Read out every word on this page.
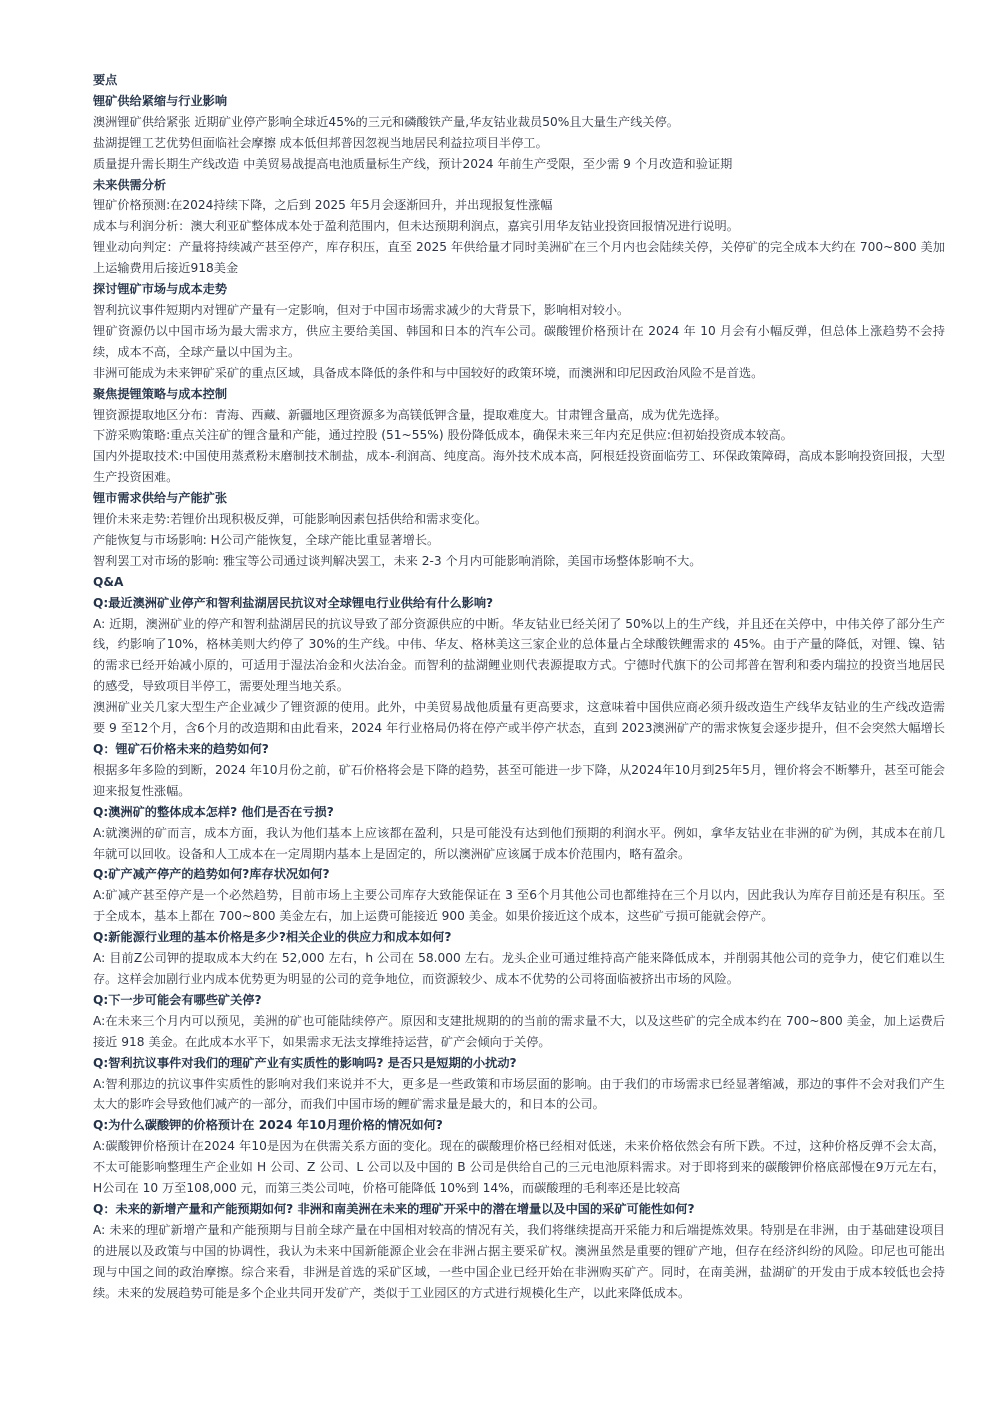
要点

锂矿供给紧缩与行业影响

澳洲锂矿供给紧张 近期矿业停产影响全球近45%的三元和磷酸铁产量,华友钴业裁员50%且大量生产线关停。

盐湖提锂工艺优势但面临社会摩擦 成本低但邦普因忽视当地居民利益拉项目半停工。

质量提升需长期生产线改造 中美贸易战提高电池质量标生产线，预计2024 年前生产受限，至少需 9 个月改造和验证期

未来供需分析

锂矿价格预测:在2024持续下降，之后到 2025 年5月会逐渐回升，并出现报复性涨幅

成本与利润分析：澳大利亚矿整体成本处于盈利范围内，但未达预期利润点，嘉宾引用华友钴业投资回报情况进行说明。

锂业动向判定：产量将持续减产甚至停产，库存积压，直至 2025 年供给量才同时美洲矿在三个月内也会陆续关停，关停矿的完全成本大约在 700~800 美加上运输费用后接近918美金

探讨锂矿市场与成本走势

智利抗议事件短期内对锂矿产量有一定影响，但对于中国市场需求减少的大背景下，影响相对较小。

锂矿资源仍以中国市场为最大需求方，供应主要给美国、韩国和日本的汽车公司。碳酸锂价格预计在 2024 年 10 月会有小幅反弹，但总体上涨趋势不会持续，成本不高，全球产量以中国为主。

非洲可能成为未来钾矿采矿的重点区域，具备成本降低的条件和与中国较好的政策环境，而澳洲和印尼因政治风险不是首选。

聚焦提锂策略与成本控制

锂资源提取地区分布：青海、西藏、新疆地区理资源多为高镁低钾含量，提取难度大。甘肃锂含量高，成为优先选择。

下游采购策略:重点关注矿的锂含量和产能，通过控股 (51~55%) 股份降低成本，确保未来三年内充足供应:但初始投资成本较高。

国内外提取技术:中国使用蒸煮粉末磨制技术制盐，成本-利润高、纯度高。海外技术成本高，阿根廷投资面临劳工、环保政策障碍，高成本影响投资回报，大型生产投资困难。

锂市需求供给与产能扩张

锂价未来走势:若锂价出现积极反弹，可能影响因素包括供给和需求变化。

产能恢复与市场影响: H公司产能恢复，全球产能比重显著增长。

智利罢工对市场的影响: 雅宝等公司通过谈判解决罢工，未来 2-3 个月内可能影响消除，美国市场整体影响不大。

Q&A

Q:最近澳洲矿业停产和智利盐湖居民抗议对全球锂电行业供给有什么影响?

A: 近期，澳洲矿业的停产和智利盐湖居民的抗议导致了部分资源供应的中断。华友钴业已经关闭了 50%以上的生产线，并且还在关停中，中伟关停了部分生产线，约影响了10%，格林美则大约停了 30%的生产线。中伟、华友、格林美这三家企业的总体量占全球酸铁鲤需求的 45%。由于产量的降低，对锂、镍、钴的需求已经开始减小原的，可适用于湿法冶金和火法冶金。而智利的盐湖鲤业则代表源提取方式。宁德时代旗下的公司邦普在智利和委内瑞拉的投资当地居民的感受，导致项目半停工，需要处理当地关系。

澳洲矿业关几家大型生产企业减少了锂资源的使用。此外，中美贸易战他质量有更高要求，这意味着中国供应商必须升级改造生产线华友钴业的生产线改造需要 9 至12个月，含6个月的改造期和由此看来，2024 年行业格局仍将在停产或半停产状态，直到 2023澳洲矿产的需求恢复会逐步提升，但不会突然大幅增长

Q：锂矿石价格未来的趋势如何?

根据多年多险的到断，2024 年10月份之前，矿石价格将会是下降的趋势，甚至可能进一步下降，从2024年10月到25年5月，锂价将会不断攀升，甚至可能会迎来报复性涨幅。

Q:澳洲矿的整体成本怎样? 他们是否在亏损?

A:就澳洲的矿而言，成本方面，我认为他们基本上应该都在盈利，只是可能没有达到他们预期的利润水平。例如，拿华友钴业在非洲的矿为例，其成本在前几年就可以回收。设备和人工成本在一定周期内基本上是固定的，所以澳洲矿应该属于成本价范围内，略有盈余。

Q:矿产减产停产的趋势如何?库存状况如何?

A:矿减产甚至停产是一个必然趋势，目前市场上主要公司库存大致能保证在 3 至6个月其他公司也都维持在三个月以内，因此我认为库存目前还是有积压。至于全成本，基本上都在 700~800 美金左右，加上运费可能接近 900 美金。如果价接近这个成本，这些矿亏损可能就会停产。

Q:新能源行业理的基本价格是多少?相关企业的供应力和成本如何?

A: 目前Z公司钾的提取成本大约在 52,000 左右，h 公司在 58.000 左右。龙头企业可通过维持高产能来降低成本，并削弱其他公司的竞争力，使它们难以生存。这样会加剧行业内成本优势更为明显的公司的竞争地位，而资源较少、成本不优势的公司将面临被挤出市场的风险。

Q:下一步可能会有哪些矿关停?

A:在未来三个月内可以预见，美洲的矿也可能陆续停产。原因和支建批规期的的当前的需求量不大，以及这些矿的完全成本约在 700~800 美金，加上运费后接近 918 美金。在此成本水平下，如果需求无法支撑维持运营，矿产会倾向于关停。

Q:智利抗议事件对我们的理矿产业有实质性的影响吗? 是否只是短期的小扰动?

A:智利那边的抗议事件实质性的影响对我们来说并不大，更多是一些政策和市场层面的影响。由于我们的市场需求已经显著缩减，那边的事件不会对我们产生太大的影咋会导致他们减产的一部分，而我们中国市场的鲤矿需求量是最大的，和日本的公司。

Q:为什么碳酸钾的价格预计在 2024 年10月理价格的情况如何?

A:碳酸钾价格预计在2024 年10是因为在供需关系方面的变化。现在的碳酸理价格已经相对低迷，未来价格依然会有所下跌。不过，这种价格反弹不会太高，不太可能影响整理生产企业如 H 公司、Z 公司、L 公司以及中国的 B 公司是供给自己的三元电池原料需求。对于即将到来的碳酸钾价格底部慢在9万元左右，H公司在 10 万至108,000 元，而第三类公司吨，价格可能降低 10%到 14%，而碳酸理的毛利率还是比较高

Q：未来的新增产量和产能预期如何? 非洲和南美洲在未来的理矿开采中的潜在增量以及中国的采矿可能性如何?

A: 未来的理矿新增产量和产能预期与目前全球产量在中国相对较高的情况有关，我们将继续提高开采能力和后端提炼效果。特别是在非洲，由于基础建设项目的进展以及政策与中国的协调性，我认为未来中国新能源企业会在非洲占据主要采矿权。澳洲虽然是重要的锂矿产地，但存在经济纠纷的风险。印尼也可能出现与中国之间的政治摩擦。综合来看，非洲是首选的采矿区域，一些中国企业已经开始在非洲购买矿产。同时，在南美洲，盐湖矿的开发由于成本较低也会持续。未来的发展趋势可能是多个企业共同开发矿产，类似于工业园区的方式进行规模化生产，以此来降低成本。
